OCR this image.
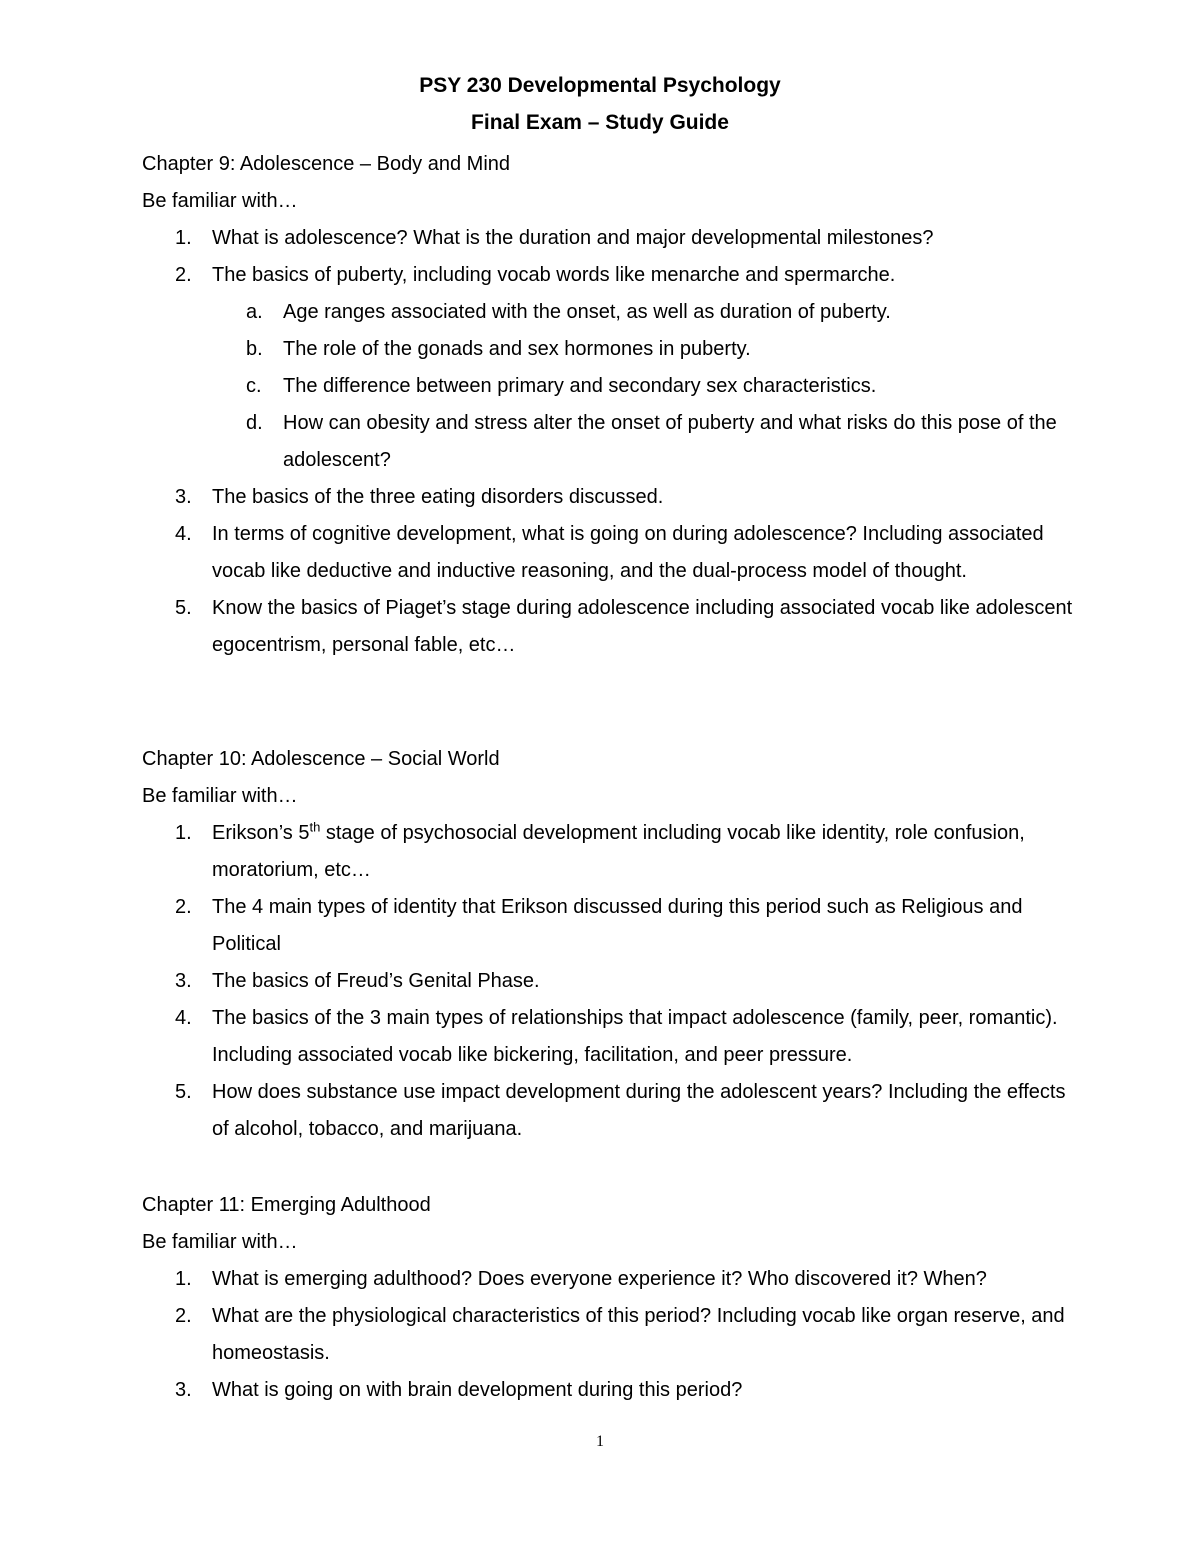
PSY 230 Developmental Psychology
Final Exam – Study Guide
Chapter 9: Adolescence – Body and Mind
Be familiar with…
1. What is adolescence? What is the duration and major developmental milestones?
2. The basics of puberty, including vocab words like menarche and spermarche.
a. Age ranges associated with the onset, as well as duration of puberty.
b. The role of the gonads and sex hormones in puberty.
c. The difference between primary and secondary sex characteristics.
d. How can obesity and stress alter the onset of puberty and what risks do this pose of the adolescent?
3. The basics of the three eating disorders discussed.
4. In terms of cognitive development, what is going on during adolescence? Including associated vocab like deductive and inductive reasoning, and the dual-process model of thought.
5. Know the basics of Piaget’s stage during adolescence including associated vocab like adolescent egocentrism, personal fable, etc…
Chapter 10: Adolescence – Social World
Be familiar with…
1. Erikson’s 5th stage of psychosocial development including vocab like identity, role confusion, moratorium, etc…
2. The 4 main types of identity that Erikson discussed during this period such as Religious and Political
3. The basics of Freud’s Genital Phase.
4. The basics of the 3 main types of relationships that impact adolescence (family, peer, romantic). Including associated vocab like bickering, facilitation, and peer pressure.
5. How does substance use impact development during the adolescent years? Including the effects of alcohol, tobacco, and marijuana.
Chapter 11: Emerging Adulthood
Be familiar with…
1. What is emerging adulthood? Does everyone experience it? Who discovered it? When?
2. What are the physiological characteristics of this period? Including vocab like organ reserve, and homeostasis.
3. What is going on with brain development during this period?
1
